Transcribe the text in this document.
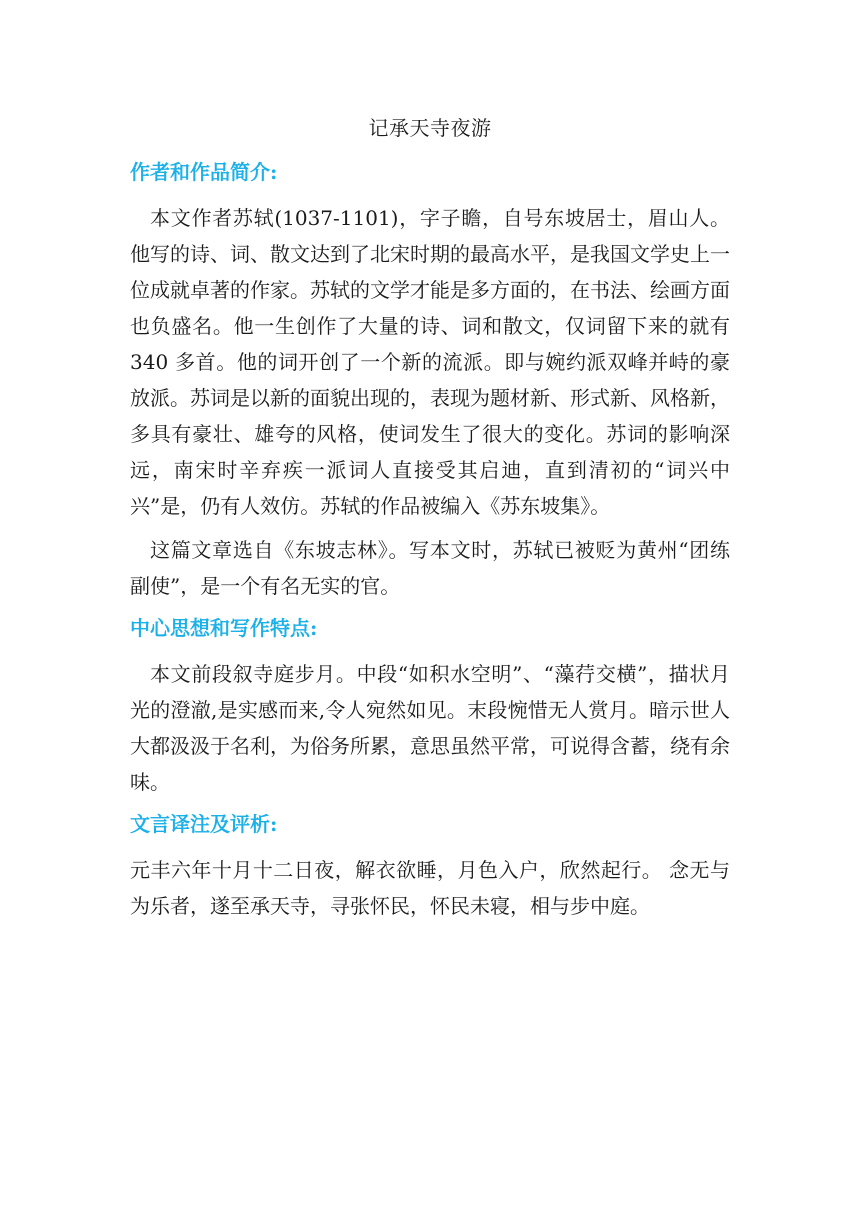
记承天寺夜游
作者和作品简介:

本文作者苏轼(1037-1101)，字子瞻，自号东坡居士，眉山人。他写的诗、词、散文达到了北宋时期的最高水平，是我国文学史上一位成就卓著的作家。苏轼的文学才能是多方面的，在书法、绘画方面也负盛名。他一生创作了大量的诗、词和散文，仅词留下来的就有 340 多首。他的词开创了一个新的流派。即与婉约派双峰并峙的豪放派。苏词是以新的面貌出现的，表现为题材新、形式新、风格新，多具有豪壮、雄夸的风格，使词发生了很大的变化。苏词的影响深远，南宋时辛弃疾一派词人直接受其启迪，直到清初的“词兴中兴”是，仍有人效仿。苏轼的作品被编入《苏东坡集》。

这篇文章选自《东坡志林》。写本文时，苏轼已被贬为黄州“团练副使”，是一个有名无实的官。

中心思想和写作特点:

本文前段叙寺庭步月。中段“如积水空明”、“藻荇交横”，描状月光的澄澈,是实感而来,令人宛然如见。末段惋惜无人赏月。暗示世人大都汲汲于名利，为俗务所累，意思虽然平常，可说得含蓄，绕有余味。

文言译注及评析:

元丰六年十月十二日夜，解衣欲睡，月色入户，欣然起行。 念无与为乐者，遂至承天寺，寻张怀民，怀民未寝，相与步中庭。
